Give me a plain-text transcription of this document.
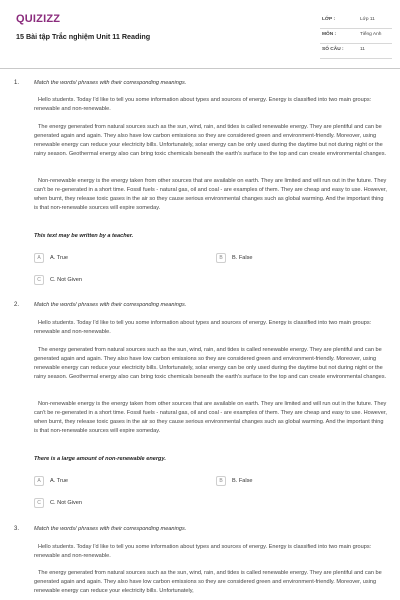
QUIZIZZ
15 Bài tập Trắc nghiệm Unit 11 Reading
LỚP :	Lớp 11
MÔN :	Tiếng Anh
SỐ CÂU :	11
1.	Match the words/ phrases with their corresponding meanings.
Hello students. Today I'd like to tell you some information about types and sources of energy. Energy is classified into two main groups: renewable and non-renewable.
The energy generated from natural sources such as the sun, wind, rain, and tides is called renewable energy. They are plentiful and can be generated again and again. They also have low carbon emissions so they are considered green and environment-friendly. Moreover, using renewable energy can reduce your electricity bills. Unfortunately, solar energy can be only used during the daytime but not during night or the rainy season. Geothermal energy also can bring toxic chemicals beneath the earth's surface to the top and can create environmental changes.
Non-renewable energy is the energy taken from other sources that are available on earth. They are limited and will run out in the future. They can't be re-generated in a short time. Fossil fuels - natural gas, oil and coal - are examples of them. They are cheap and easy to use. However, when burnt, they release toxic gases in the air so they cause serious environmental changes such as global warming. And the important thing is that non-renewable sources will expire someday.
This text may be written by a teacher.
A	A. True	B	B. False
C	C. Not Given
2.	Match the words/ phrases with their corresponding meanings.
Hello students. Today I'd like to tell you some information about types and sources of energy. Energy is classified into two main groups: renewable and non-renewable.
The energy generated from natural sources such as the sun, wind, rain, and tides is called renewable energy. They are plentiful and can be generated again and again. They also have low carbon emissions so they are considered green and environment-friendly. Moreover, using renewable energy can reduce your electricity bills. Unfortunately, solar energy can be only used during the daytime but not during night or the rainy season. Geothermal energy also can bring toxic chemicals beneath the earth's surface to the top and can create environmental changes.
Non-renewable energy is the energy taken from other sources that are available on earth. They are limited and will run out in the future. They can't be re-generated in a short time. Fossil fuels - natural gas, oil and coal - are examples of them. They are cheap and easy to use. However, when burnt, they release toxic gases in the air so they cause serious environmental changes such as global warming. And the important thing is that non-renewable sources will expire someday.
There is a large amount of non-renewable energy.
A	A. True	B	B. False
C	C. Not Given
3.	Match the words/ phrases with their corresponding meanings.
Hello students. Today I'd like to tell you some information about types and sources of energy. Energy is classified into two main groups: renewable and non-renewable.
The energy generated from natural sources such as the sun, wind, rain, and tides is called renewable energy. They are plentiful and can be generated again and again. They also have low carbon emissions so they are considered green and environment-friendly. Moreover, using renewable energy can reduce your electricity bills. Unfortunately,
